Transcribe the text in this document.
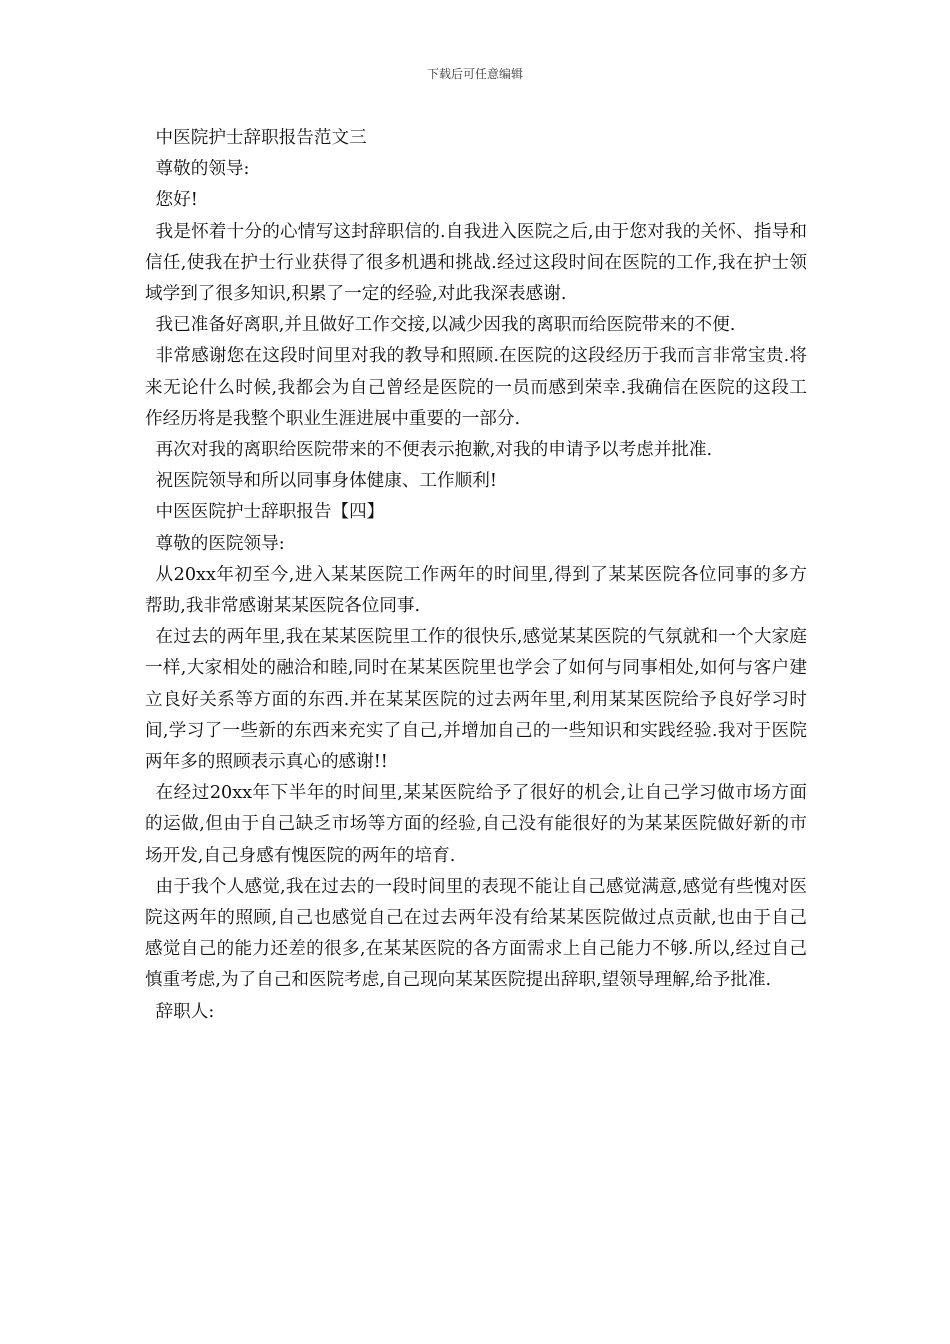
下载后可任意编辑

中医院护士辞职报告范文三

尊敬的领导:

您好!

我是怀着十分的心情写这封辞职信的.自我进入医院之后,由于您对我的关怀、指导和信任,使我在护士行业获得了很多机遇和挑战.经过这段时间在医院的工作,我在护士领域学到了很多知识,积累了一定的经验,对此我深表感谢.

我已准备好离职,并且做好工作交接,以减少因我的离职而给医院带来的不便.

非常感谢您在这段时间里对我的教导和照顾.在医院的这段经历于我而言非常宝贵.将来无论什么时候,我都会为自己曾经是医院的一员而感到荣幸.我确信在医院的这段工作经历将是我整个职业生涯进展中重要的一部分.

再次对我的离职给医院带来的不便表示抱歉,对我的申请予以考虑并批准.

祝医院领导和所以同事身体健康、工作顺利!

中医医院护士辞职报告【四】

尊敬的医院领导:

从20xx年初至今,进入某某医院工作两年的时间里,得到了某某医院各位同事的多方帮助,我非常感谢某某医院各位同事.

在过去的两年里,我在某某医院里工作的很快乐,感觉某某医院的气氛就和一个大家庭一样,大家相处的融洽和睦,同时在某某医院里也学会了如何与同事相处,如何与客户建立良好关系等方面的东西.并在某某医院的过去两年里,利用某某医院给予良好学习时间,学习了一些新的东西来充实了自己,并增加自己的一些知识和实践经验.我对于医院两年多的照顾表示真心的感谢!!

在经过20xx年下半年的时间里,某某医院给予了很好的机会,让自己学习做市场方面的运做,但由于自己缺乏市场等方面的经验,自己没有能很好的为某某医院做好新的市场开发,自己身感有愧医院的两年的培育.

由于我个人感觉,我在过去的一段时间里的表现不能让自己感觉满意,感觉有些愧对医院这两年的照顾,自己也感觉自己在过去两年没有给某某医院做过点贡献,也由于自己感觉自己的能力还差的很多,在某某医院的各方面需求上自己能力不够.所以,经过自己慎重考虑,为了自己和医院考虑,自己现向某某医院提出辞职,望领导理解,给予批准.

辞职人:
